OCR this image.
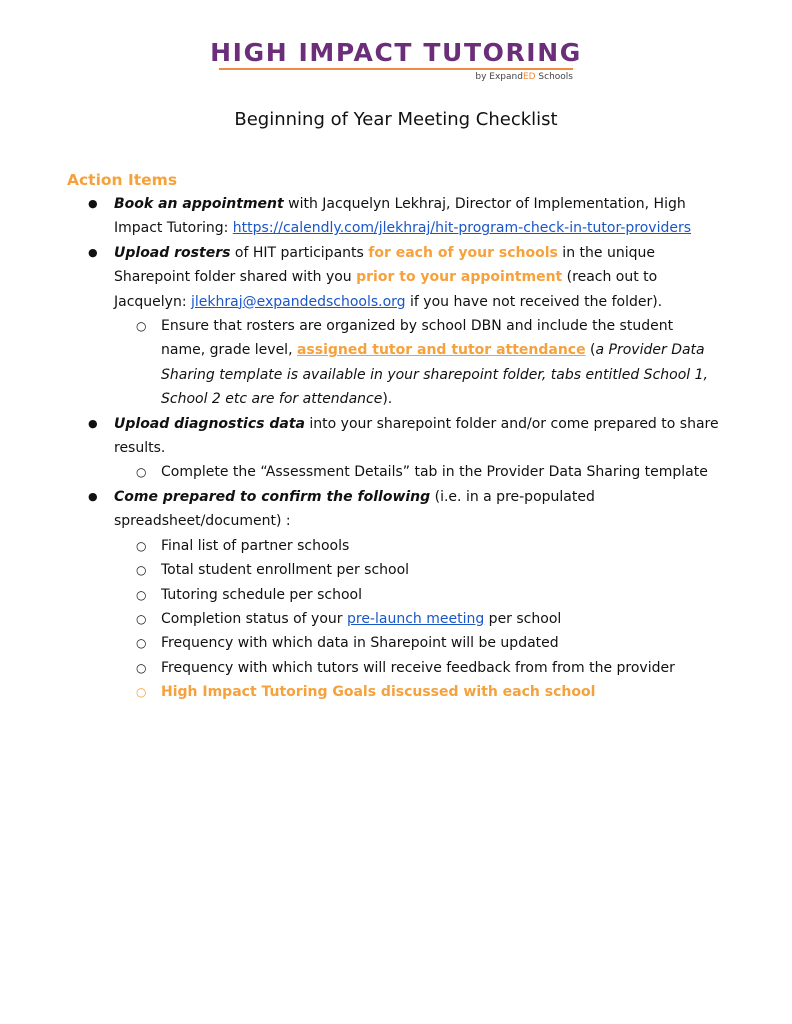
HIGH IMPACT TUTORING
by ExpandED Schools
Beginning of Year Meeting Checklist
Action Items
● Book an appointment with Jacquelyn Lekhraj, Director of Implementation, High Impact Tutoring: https://calendly.com/jlekhraj/hit-program-check-in-tutor-providers
● Upload rosters of HIT participants for each of your schools in the unique Sharepoint folder shared with you prior to your appointment (reach out to Jacquelyn: jlekhraj@expandedschools.org if you have not received the folder).
○ Ensure that rosters are organized by school DBN and include the student name, grade level, assigned tutor and tutor attendance (a Provider Data Sharing template is available in your sharepoint folder, tabs entitled School 1, School 2 etc are for attendance).
● Upload diagnostics data into your sharepoint folder and/or come prepared to share results.
○ Complete the “Assessment Details” tab in the Provider Data Sharing template
● Come prepared to confirm the following (i.e. in a pre-populated spreadsheet/document) :
○ Final list of partner schools
○ Total student enrollment per school
○ Tutoring schedule per school
○ Completion status of your pre-launch meeting per school
○ Frequency with which data in Sharepoint will be updated
○ Frequency with which tutors will receive feedback from from the provider
○ High Impact Tutoring Goals discussed with each school
